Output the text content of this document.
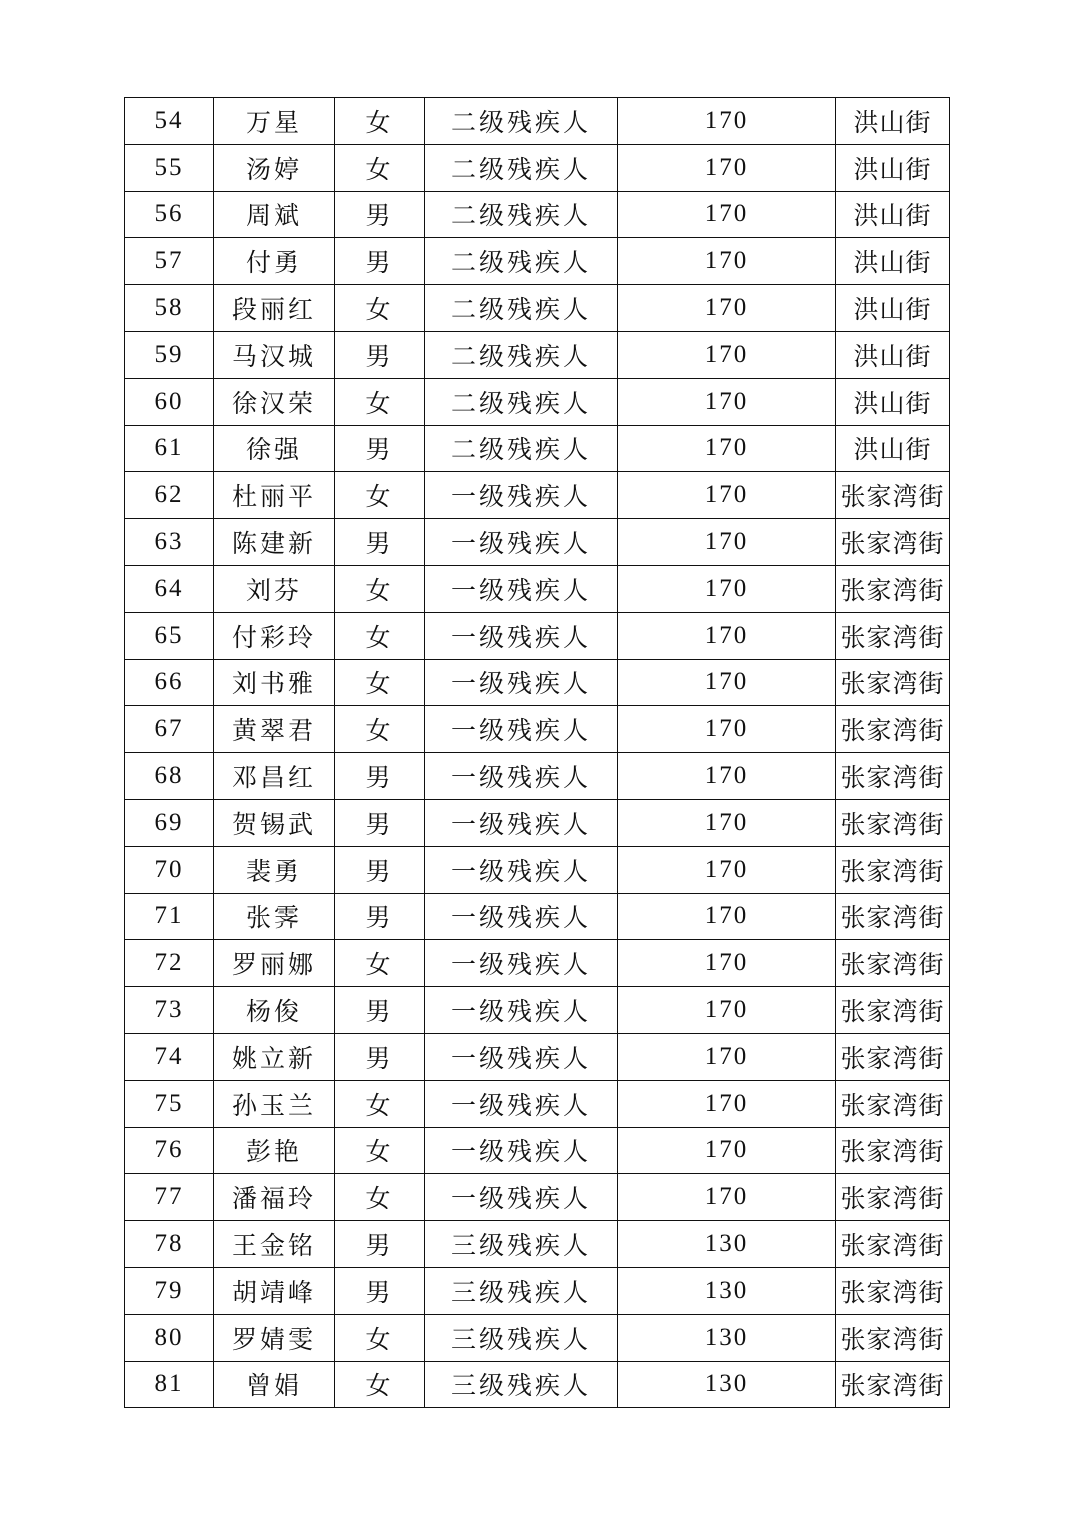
54	万星	女	二级残疾人	170	洪山街
55	汤婷	女	二级残疾人	170	洪山街
56	周斌	男	二级残疾人	170	洪山街
57	付勇	男	二级残疾人	170	洪山街
58	段丽红	女	二级残疾人	170	洪山街
59	马汉城	男	二级残疾人	170	洪山街
60	徐汉荣	女	二级残疾人	170	洪山街
61	徐强	男	二级残疾人	170	洪山街
62	杜丽平	女	一级残疾人	170	张家湾街
63	陈建新	男	一级残疾人	170	张家湾街
64	刘芬	女	一级残疾人	170	张家湾街
65	付彩玲	女	一级残疾人	170	张家湾街
66	刘书雅	女	一级残疾人	170	张家湾街
67	黄翠君	女	一级残疾人	170	张家湾街
68	邓昌红	男	一级残疾人	170	张家湾街
69	贺锡武	男	一级残疾人	170	张家湾街
70	裴勇	男	一级残疾人	170	张家湾街
71	张霁	男	一级残疾人	170	张家湾街
72	罗丽娜	女	一级残疾人	170	张家湾街
73	杨俊	男	一级残疾人	170	张家湾街
74	姚立新	男	一级残疾人	170	张家湾街
75	孙玉兰	女	一级残疾人	170	张家湾街
76	彭艳	女	一级残疾人	170	张家湾街
77	潘福玲	女	一级残疾人	170	张家湾街
78	王金铭	男	三级残疾人	130	张家湾街
79	胡靖峰	男	三级残疾人	130	张家湾街
80	罗婧雯	女	三级残疾人	130	张家湾街
81	曾娟	女	三级残疾人	130	张家湾街
